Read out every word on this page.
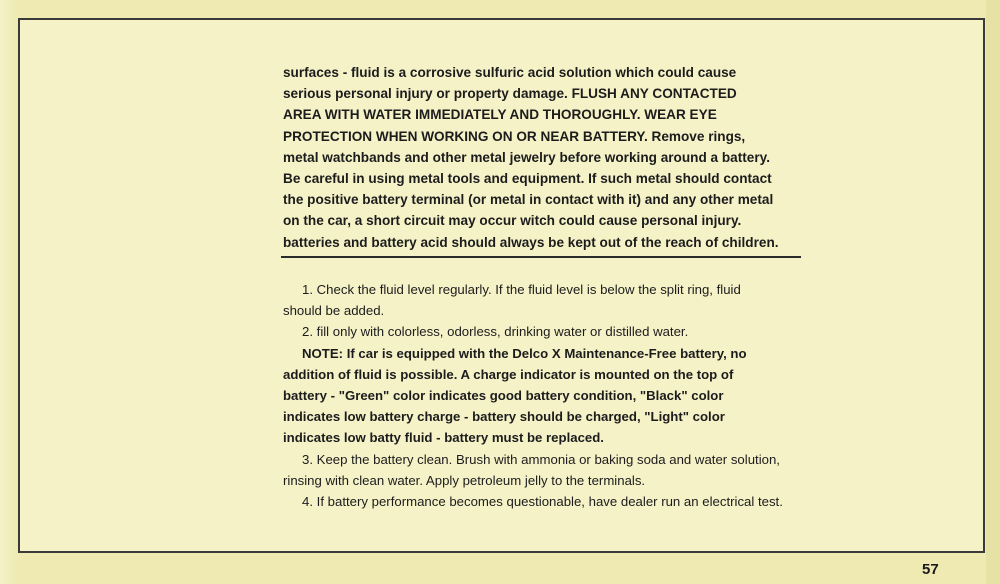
surfaces - fluid is a corrosive sulfuric acid solution which could cause
serious personal injury or property damage. FLUSH ANY CONTACTED
AREA WITH WATER IMMEDIATELY AND THOROUGHLY. WEAR EYE
PROTECTION WHEN WORKING ON OR NEAR BATTERY. Remove rings,
metal watchbands and other metal jewelry before working around a battery.
Be careful in using metal tools and equipment. If such metal should contact
the positive battery terminal (or metal in contact with it) and any other metal
on the car, a short circuit may occur witch could cause personal injury.
batteries and battery acid should always be kept out of the reach of children.
1. Check the fluid level regularly. If the fluid level is below the split ring, fluid
should be added.
2. fill only with colorless, odorless, drinking water or distilled water.
NOTE: If car is equipped with the Delco X Maintenance-Free battery, no
addition of fluid is possible. A charge indicator is mounted on the top of
battery - "Green" color indicates good battery condition, "Black" color
indicates low battery charge - battery should be charged, "Light" color
indicates low batty fluid - battery must be replaced.
3. Keep the battery clean. Brush with ammonia or baking soda and water solution,
rinsing with clean water. Apply petroleum jelly to the terminals.
4. If battery performance becomes questionable, have dealer run an electrical test.
57
